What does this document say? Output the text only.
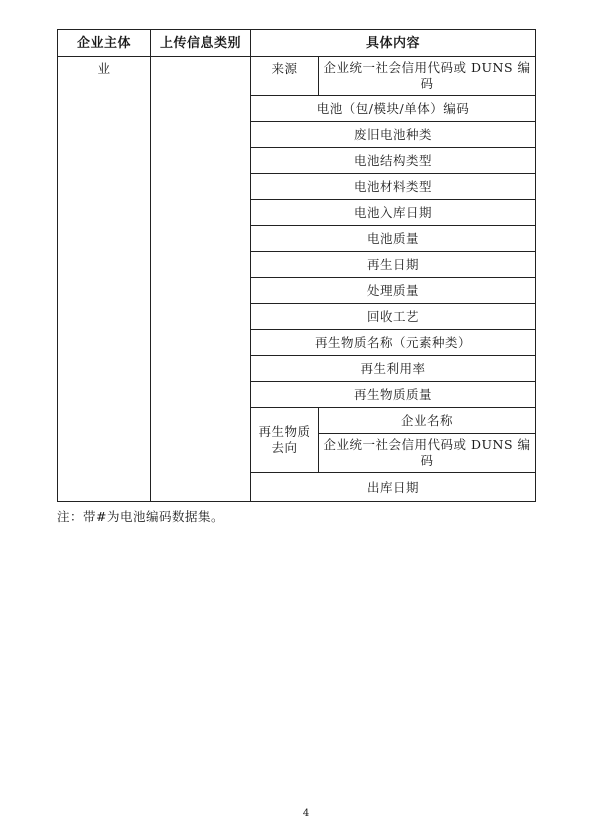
企业主体	上传信息类别	具体内容	
业		来源	企业统一社会信用代码或 DUNS 编码
		电池（包/模块/单体）编码	
		废旧电池种类	
		电池结构类型	
		电池材料类型	
		电池入库日期	
		电池质量	
		再生日期	
		处理质量	
		回收工艺	
		再生物质名称（元素种类）	
		再生利用率	
		再生物质质量	
		再生物质去向	企业名称
			企业统一社会信用代码或 DUNS 编码
		出库日期	
注：带#为电池编码数据集。
4
